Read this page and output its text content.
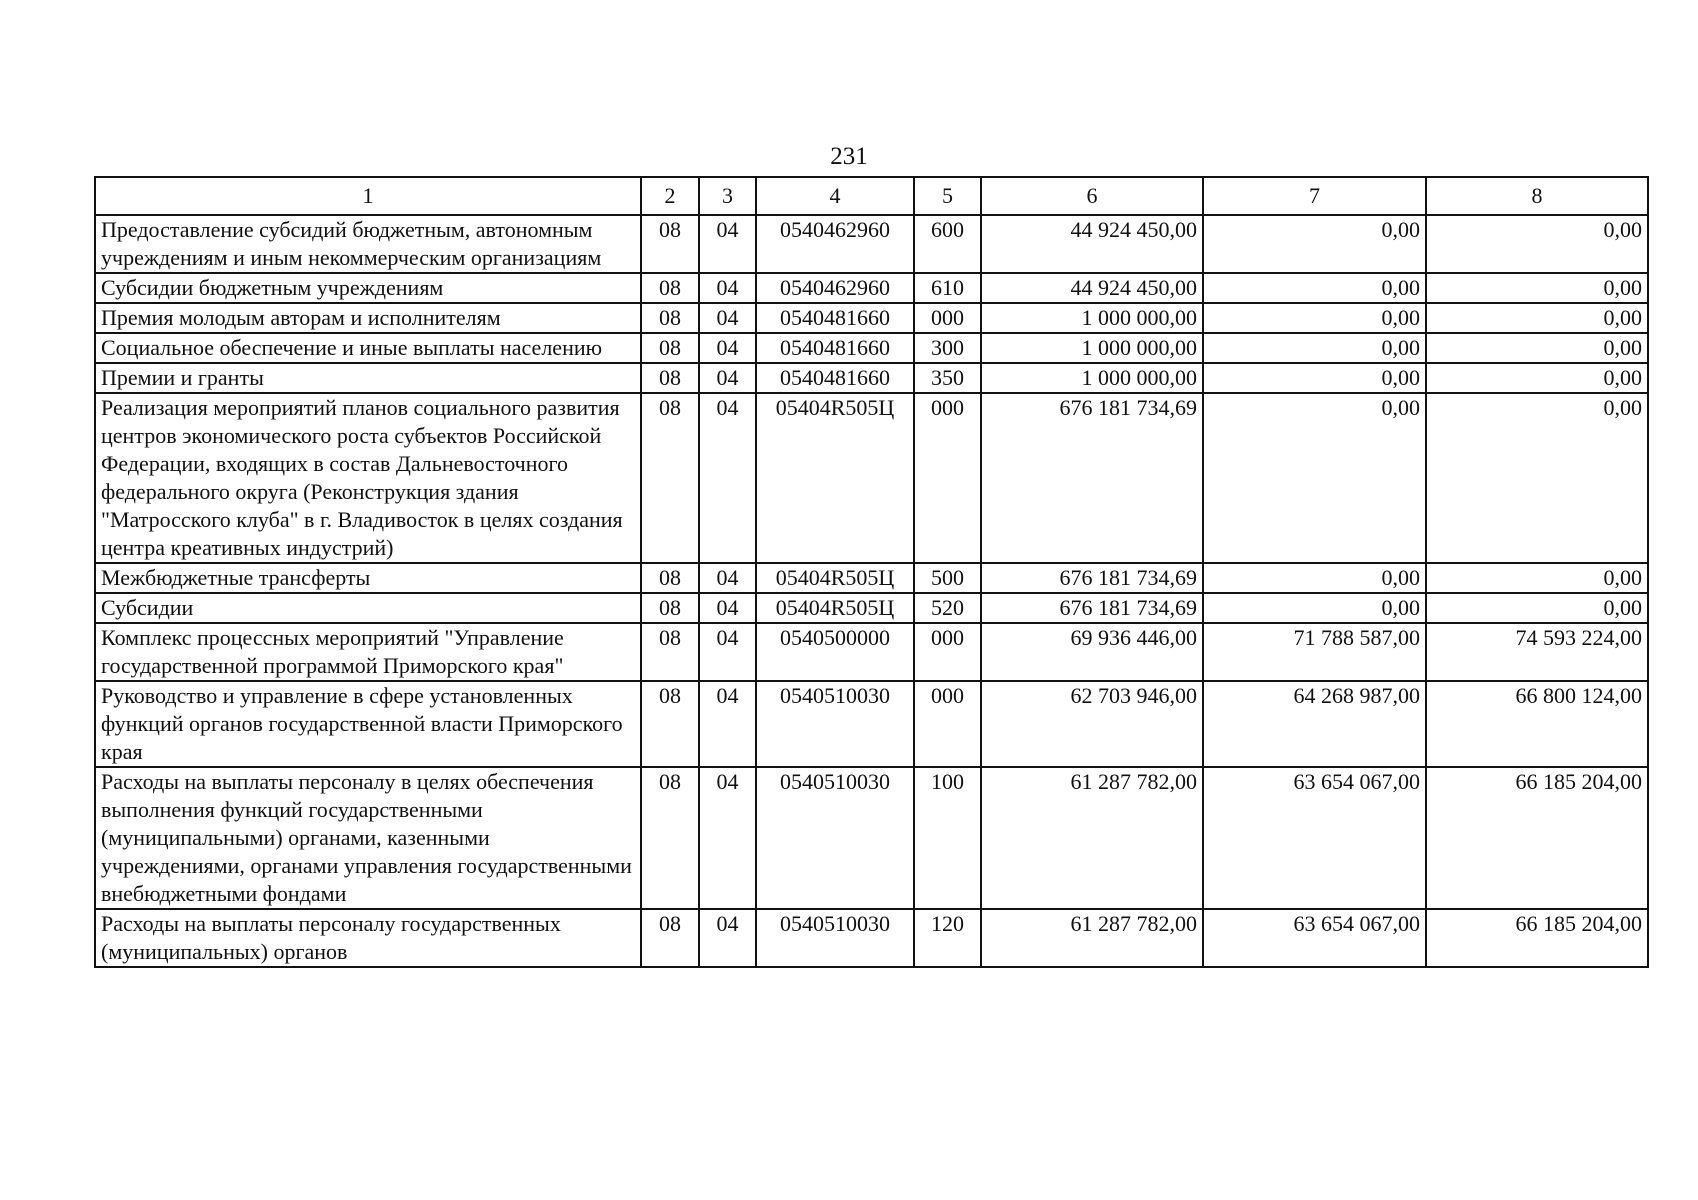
231
1	2	3	4	5	6	7	8
Предоставление субсидий бюджетным, автономным учреждениям и иным некоммерческим организациям	08	04	0540462960	600	44 924 450,00	0,00	0,00
Субсидии бюджетным учреждениям	08	04	0540462960	610	44 924 450,00	0,00	0,00
Премия молодым авторам и исполнителям	08	04	0540481660	000	1 000 000,00	0,00	0,00
Социальное обеспечение и иные выплаты населению	08	04	0540481660	300	1 000 000,00	0,00	0,00
Премии и гранты	08	04	0540481660	350	1 000 000,00	0,00	0,00
Реализация мероприятий планов социального развития центров экономического роста субъектов Российской Федерации, входящих в состав Дальневосточного федерального округа (Реконструкция здания "Матросского клуба" в г. Владивосток в целях создания центра креативных индустрий)	08	04	05404R505Ц	000	676 181 734,69	0,00	0,00
Межбюджетные трансферты	08	04	05404R505Ц	500	676 181 734,69	0,00	0,00
Субсидии	08	04	05404R505Ц	520	676 181 734,69	0,00	0,00
Комплекс процессных мероприятий "Управление государственной программой Приморского края"	08	04	0540500000	000	69 936 446,00	71 788 587,00	74 593 224,00
Руководство и управление в сфере установленных функций органов государственной власти Приморского края	08	04	0540510030	000	62 703 946,00	64 268 987,00	66 800 124,00
Расходы на выплаты персоналу в целях обеспечения выполнения функций государственными (муниципальными) органами, казенными учреждениями, органами управления государственными внебюджетными фондами	08	04	0540510030	100	61 287 782,00	63 654 067,00	66 185 204,00
Расходы на выплаты персоналу государственных (муниципальных) органов	08	04	0540510030	120	61 287 782,00	63 654 067,00	66 185 204,00
